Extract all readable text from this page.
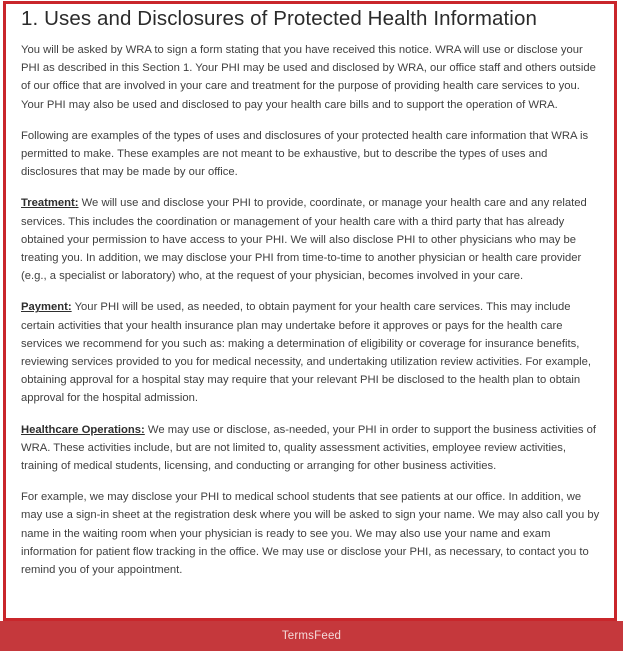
1. Uses and Disclosures of Protected Health Information

You will be asked by WRA to sign a form stating that you have received this notice. WRA will use or disclose your PHI as described in this Section 1. Your PHI may be used and disclosed by WRA, our office staff and others outside of our office that are involved in your care and treatment for the purpose of providing health care services to you. Your PHI may also be used and disclosed to pay your health care bills and to support the operation of WRA.

Following are examples of the types of uses and disclosures of your protected health care information that WRA is permitted to make. These examples are not meant to be exhaustive, but to describe the types of uses and disclosures that may be made by our office.

Treatment: We will use and disclose your PHI to provide, coordinate, or manage your health care and any related services. This includes the coordination or management of your health care with a third party that has already obtained your permission to have access to your PHI. We will also disclose PHI to other physicians who may be treating you. In addition, we may disclose your PHI from time-to-time to another physician or health care provider (e.g., a specialist or laboratory) who, at the request of your physician, becomes involved in your care.

Payment: Your PHI will be used, as needed, to obtain payment for your health care services. This may include certain activities that your health insurance plan may undertake before it approves or pays for the health care services we recommend for you such as: making a determination of eligibility or coverage for insurance benefits, reviewing services provided to you for medical necessity, and undertaking utilization review activities. For example, obtaining approval for a hospital stay may require that your relevant PHI be disclosed to the health plan to obtain approval for the hospital admission.

Healthcare Operations: We may use or disclose, as-needed, your PHI in order to support the business activities of WRA. These activities include, but are not limited to, quality assessment activities, employee review activities, training of medical students, licensing, and conducting or arranging for other business activities.

For example, we may disclose your PHI to medical school students that see patients at our office. In addition, we may use a sign-in sheet at the registration desk where you will be asked to sign your name. We may also call you by name in the waiting room when your physician is ready to see you. We may also use your name and exam information for patient flow tracking in the office. We may use or disclose your PHI, as necessary, to contact you to remind you of your appointment.

TermsFeed
